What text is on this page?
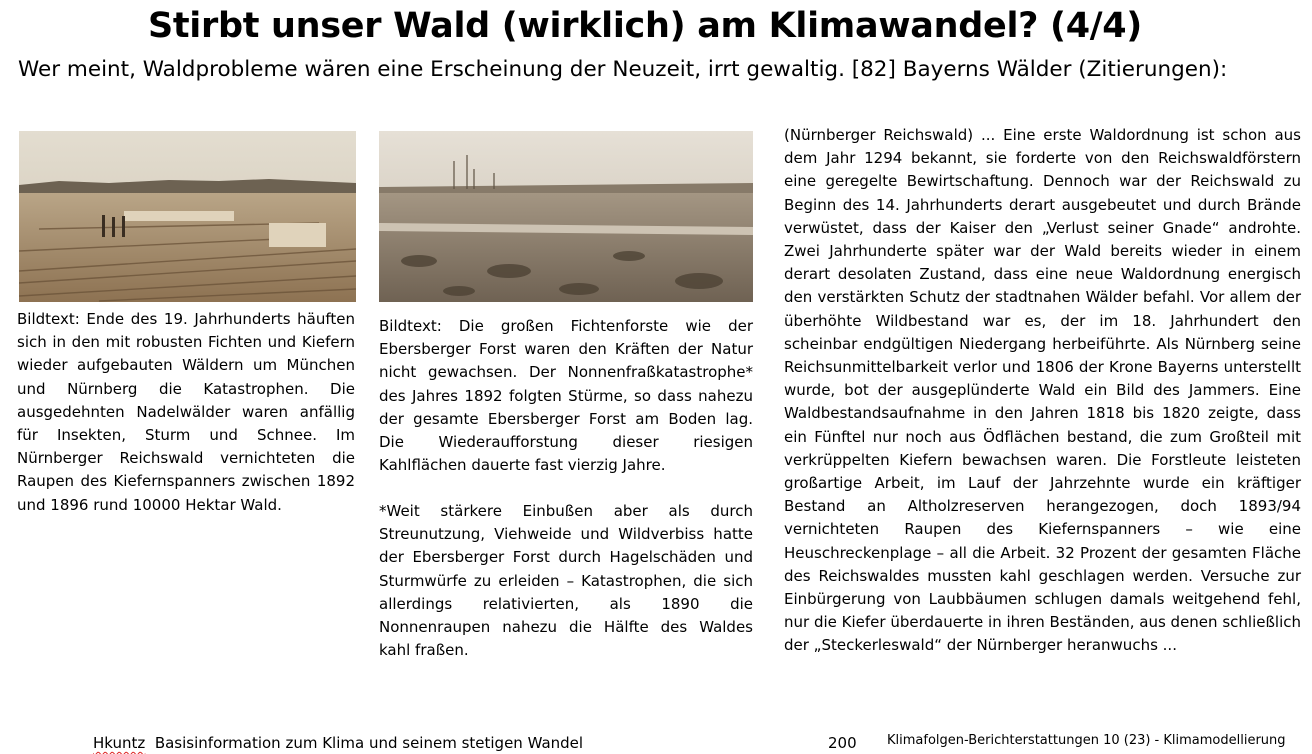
Stirbt unser Wald (wirklich) am Klimawandel? (4/4)
Wer meint, Waldprobleme wären eine Erscheinung der Neuzeit, irrt gewaltig. [82] Bayerns Wälder (Zitierungen):

Bildtext: Ende des 19. Jahrhunderts häuften sich in den mit robusten Fichten und Kiefern wieder aufgebauten Wäldern um München und Nürnberg die Katastrophen. Die ausgedehnten Nadelwälder waren anfällig für Insekten, Sturm und Schnee. Im Nürnberger Reichswald vernichteten die Raupen des Kiefernspanners zwischen 1892 und 1896 rund 10000 Hektar Wald.

Bildtext: Die großen Fichtenforste wie der Ebersberger Forst waren den Kräften der Natur nicht gewachsen. Der Nonnenfraßkatastrophe* des Jahres 1892 folgten Stürme, so dass nahezu der gesamte Ebersberger Forst am Boden lag. Die Wiederaufforstung dieser riesigen Kahlflächen dauerte fast vierzig Jahre.

*Weit stärkere Einbußen aber als durch Streunutzung, Viehweide und Wildverbiss hatte der Ebersberger Forst durch Hagelschäden und Sturmwürfe zu erleiden – Katastrophen, die sich allerdings relativierten, als 1890 die Nonnenraupen nahezu die Hälfte des Waldes kahl fraßen.

(Nürnberger Reichswald) ... Eine erste Waldordnung ist schon aus dem Jahr 1294 bekannt, sie forderte von den Reichswaldförstern eine geregelte Bewirtschaftung. Dennoch war der Reichswald zu Beginn des 14. Jahrhunderts derart ausgebeutet und durch Brände verwüstet, dass der Kaiser den „Verlust seiner Gnade“ androhte. Zwei Jahrhunderte später war der Wald bereits wieder in einem derart desolaten Zustand, dass eine neue Waldordnung energisch den verstärkten Schutz der stadtnahen Wälder befahl. Vor allem der überhöhte Wildbestand war es, der im 18. Jahrhundert den scheinbar endgültigen Niedergang herbeiführte. Als Nürnberg seine Reichsunmittelbarkeit verlor und 1806 der Krone Bayerns unterstellt wurde, bot der ausgeplünderte Wald ein Bild des Jammers. Eine Waldbestandsaufnahme in den Jahren 1818 bis 1820 zeigte, dass ein Fünftel nur noch aus Ödflächen bestand, die zum Großteil mit verkrüppelten Kiefern bewachsen waren. Die Forstleute leisteten großartige Arbeit, im Lauf der Jahrzehnte wurde ein kräftiger Bestand an Altholzreserven herangezogen, doch 1893/94 vernichteten Raupen des Kiefernspanners – wie eine Heuschreckenplage – all die Arbeit. 32 Prozent der gesamten Fläche des Reichswaldes mussten kahl geschlagen werden. Versuche zur Einbürgerung von Laubbäumen schlugen damals weitgehend fehl, nur die Kiefer überdauerte in ihren Beständen, aus denen schließlich der „Steckerleswald“ der Nürnberger heranwuchs ...

Hkuntz Basisinformation zum Klima und seinem stetigen Wandel	200 Klimafolgen-Berichterstattungen 10 (23) - Klimamodellierung
